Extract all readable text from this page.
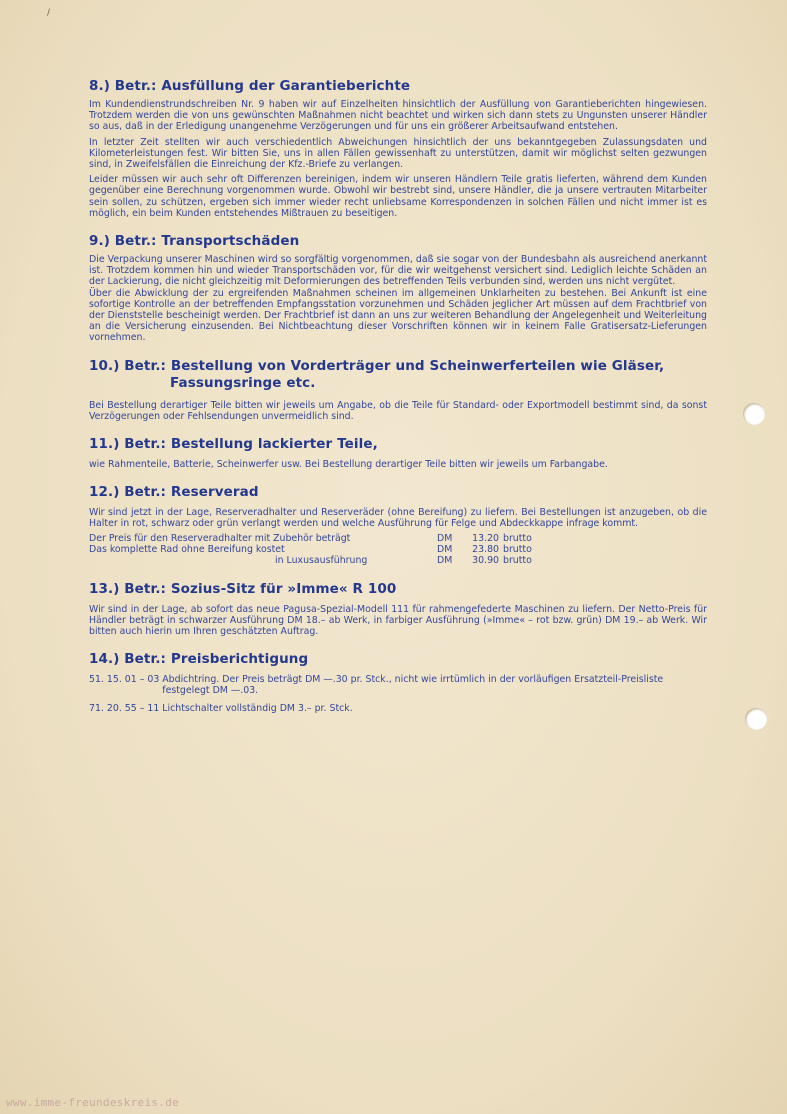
/
8.) Betr.: Ausfüllung der Garantieberichte

Im Kundendienstrundschreiben Nr. 9 haben wir auf Einzelheiten hinsichtlich der Ausfüllung von Garantieberichten hingewiesen. Trotzdem werden die von uns gewünschten Maßnahmen nicht beachtet und wirken sich dann stets zu Ungunsten unserer Händler so aus, daß in der Erledigung unangenehme Verzögerungen und für uns ein größerer Arbeitsaufwand entstehen.

In letzter Zeit stellten wir auch verschiedentlich Abweichungen hinsichtlich der uns bekanntgegeben Zulassungsdaten und Kilometerleistungen fest. Wir bitten Sie, uns in allen Fällen gewissenhaft zu unterstützen, damit wir möglichst selten gezwungen sind, in Zweifelsfällen die Einreichung der Kfz.-Briefe zu verlangen.

Leider müssen wir auch sehr oft Differenzen bereinigen, indem wir unseren Händlern Teile gratis lieferten, während dem Kunden gegenüber eine Berechnung vorgenommen wurde. Obwohl wir bestrebt sind, unsere Händler, die ja unsere vertrauten Mitarbeiter sein sollen, zu schützen, ergeben sich immer wieder recht unliebsame Korrespondenzen in solchen Fällen und nicht immer ist es möglich, ein beim Kunden entstehendes Mißtrauen zu beseitigen.

9.) Betr.: Transportschäden

Die Verpackung unserer Maschinen wird so sorgfältig vorgenommen, daß sie sogar von der Bundesbahn als ausreichend anerkannt ist. Trotzdem kommen hin und wieder Transportschäden vor, für die wir weitgehenst versichert sind. Lediglich leichte Schäden an der Lackierung, die nicht gleichzeitig mit Deformierungen des betreffenden Teils verbunden sind, werden uns nicht vergütet.

Über die Abwicklung der zu ergreifenden Maßnahmen scheinen im allgemeinen Unklarheiten zu bestehen. Bei Ankunft ist eine sofortige Kontrolle an der betreffenden Empfangsstation vorzunehmen und Schäden jeglicher Art müssen auf dem Frachtbrief von der Dienststelle bescheinigt werden. Der Frachtbrief ist dann an uns zur weiteren Behandlung der Angelegenheit und Weiterleitung an die Versicherung einzusenden. Bei Nichtbeachtung dieser Vorschriften können wir in keinem Falle Gratisersatz-Lieferungen vornehmen.

10.) Betr.: Bestellung von Vorderträger und Scheinwerferteilen wie Gläser,
Fassungsringe etc.

Bei Bestellung derartiger Teile bitten wir jeweils um Angabe, ob die Teile für Standard- oder Exportmodell bestimmt sind, da sonst Verzögerungen oder Fehlsendungen unvermeidlich sind.

11.) Betr.: Bestellung lackierter Teile,

wie Rahmenteile, Batterie, Scheinwerfer usw. Bei Bestellung derartiger Teile bitten wir jeweils um Farbangabe.

12.) Betr.: Reserverad

Wir sind jetzt in der Lage, Reserveradhalter und Reserveräder (ohne Bereifung) zu liefern. Bei Bestellungen ist anzugeben, ob die Halter in rot, schwarz oder grün verlangt werden und welche Ausführung für Felge und Abdeckkappe infrage kommt.

Der Preis für den Reserveradhalter mit Zubehör beträgt	DM	13.20 brutto
Das komplette Rad ohne Bereifung kostet	DM	23.80 brutto
in Luxusausführung	DM	30.90 brutto
13.) Betr.: Sozius-Sitz für »Imme« R 100

Wir sind in der Lage, ab sofort das neue Pagusa-Spezial-Modell 111 für rahmengefederte Maschinen zu liefern. Der Netto-Preis für Händler beträgt in schwarzer Ausführung DM 18.– ab Werk, in farbiger Ausführung (»Imme« – rot bzw. grün) DM 19.– ab Werk. Wir bitten auch hierin um Ihren geschätzten Auftrag.

14.) Betr.: Preisberichtigung
51. 15. 01 – 03 Abdichtring. Der Preis beträgt DM —.30 pr. Stck., nicht wie irrtümlich in der vorläufigen Ersatzteil-Preisliste festgelegt DM —.03.
71. 20. 55 – 11 Lichtschalter vollständig DM 3.– pr. Stck.
www.imme-freundeskreis.de
